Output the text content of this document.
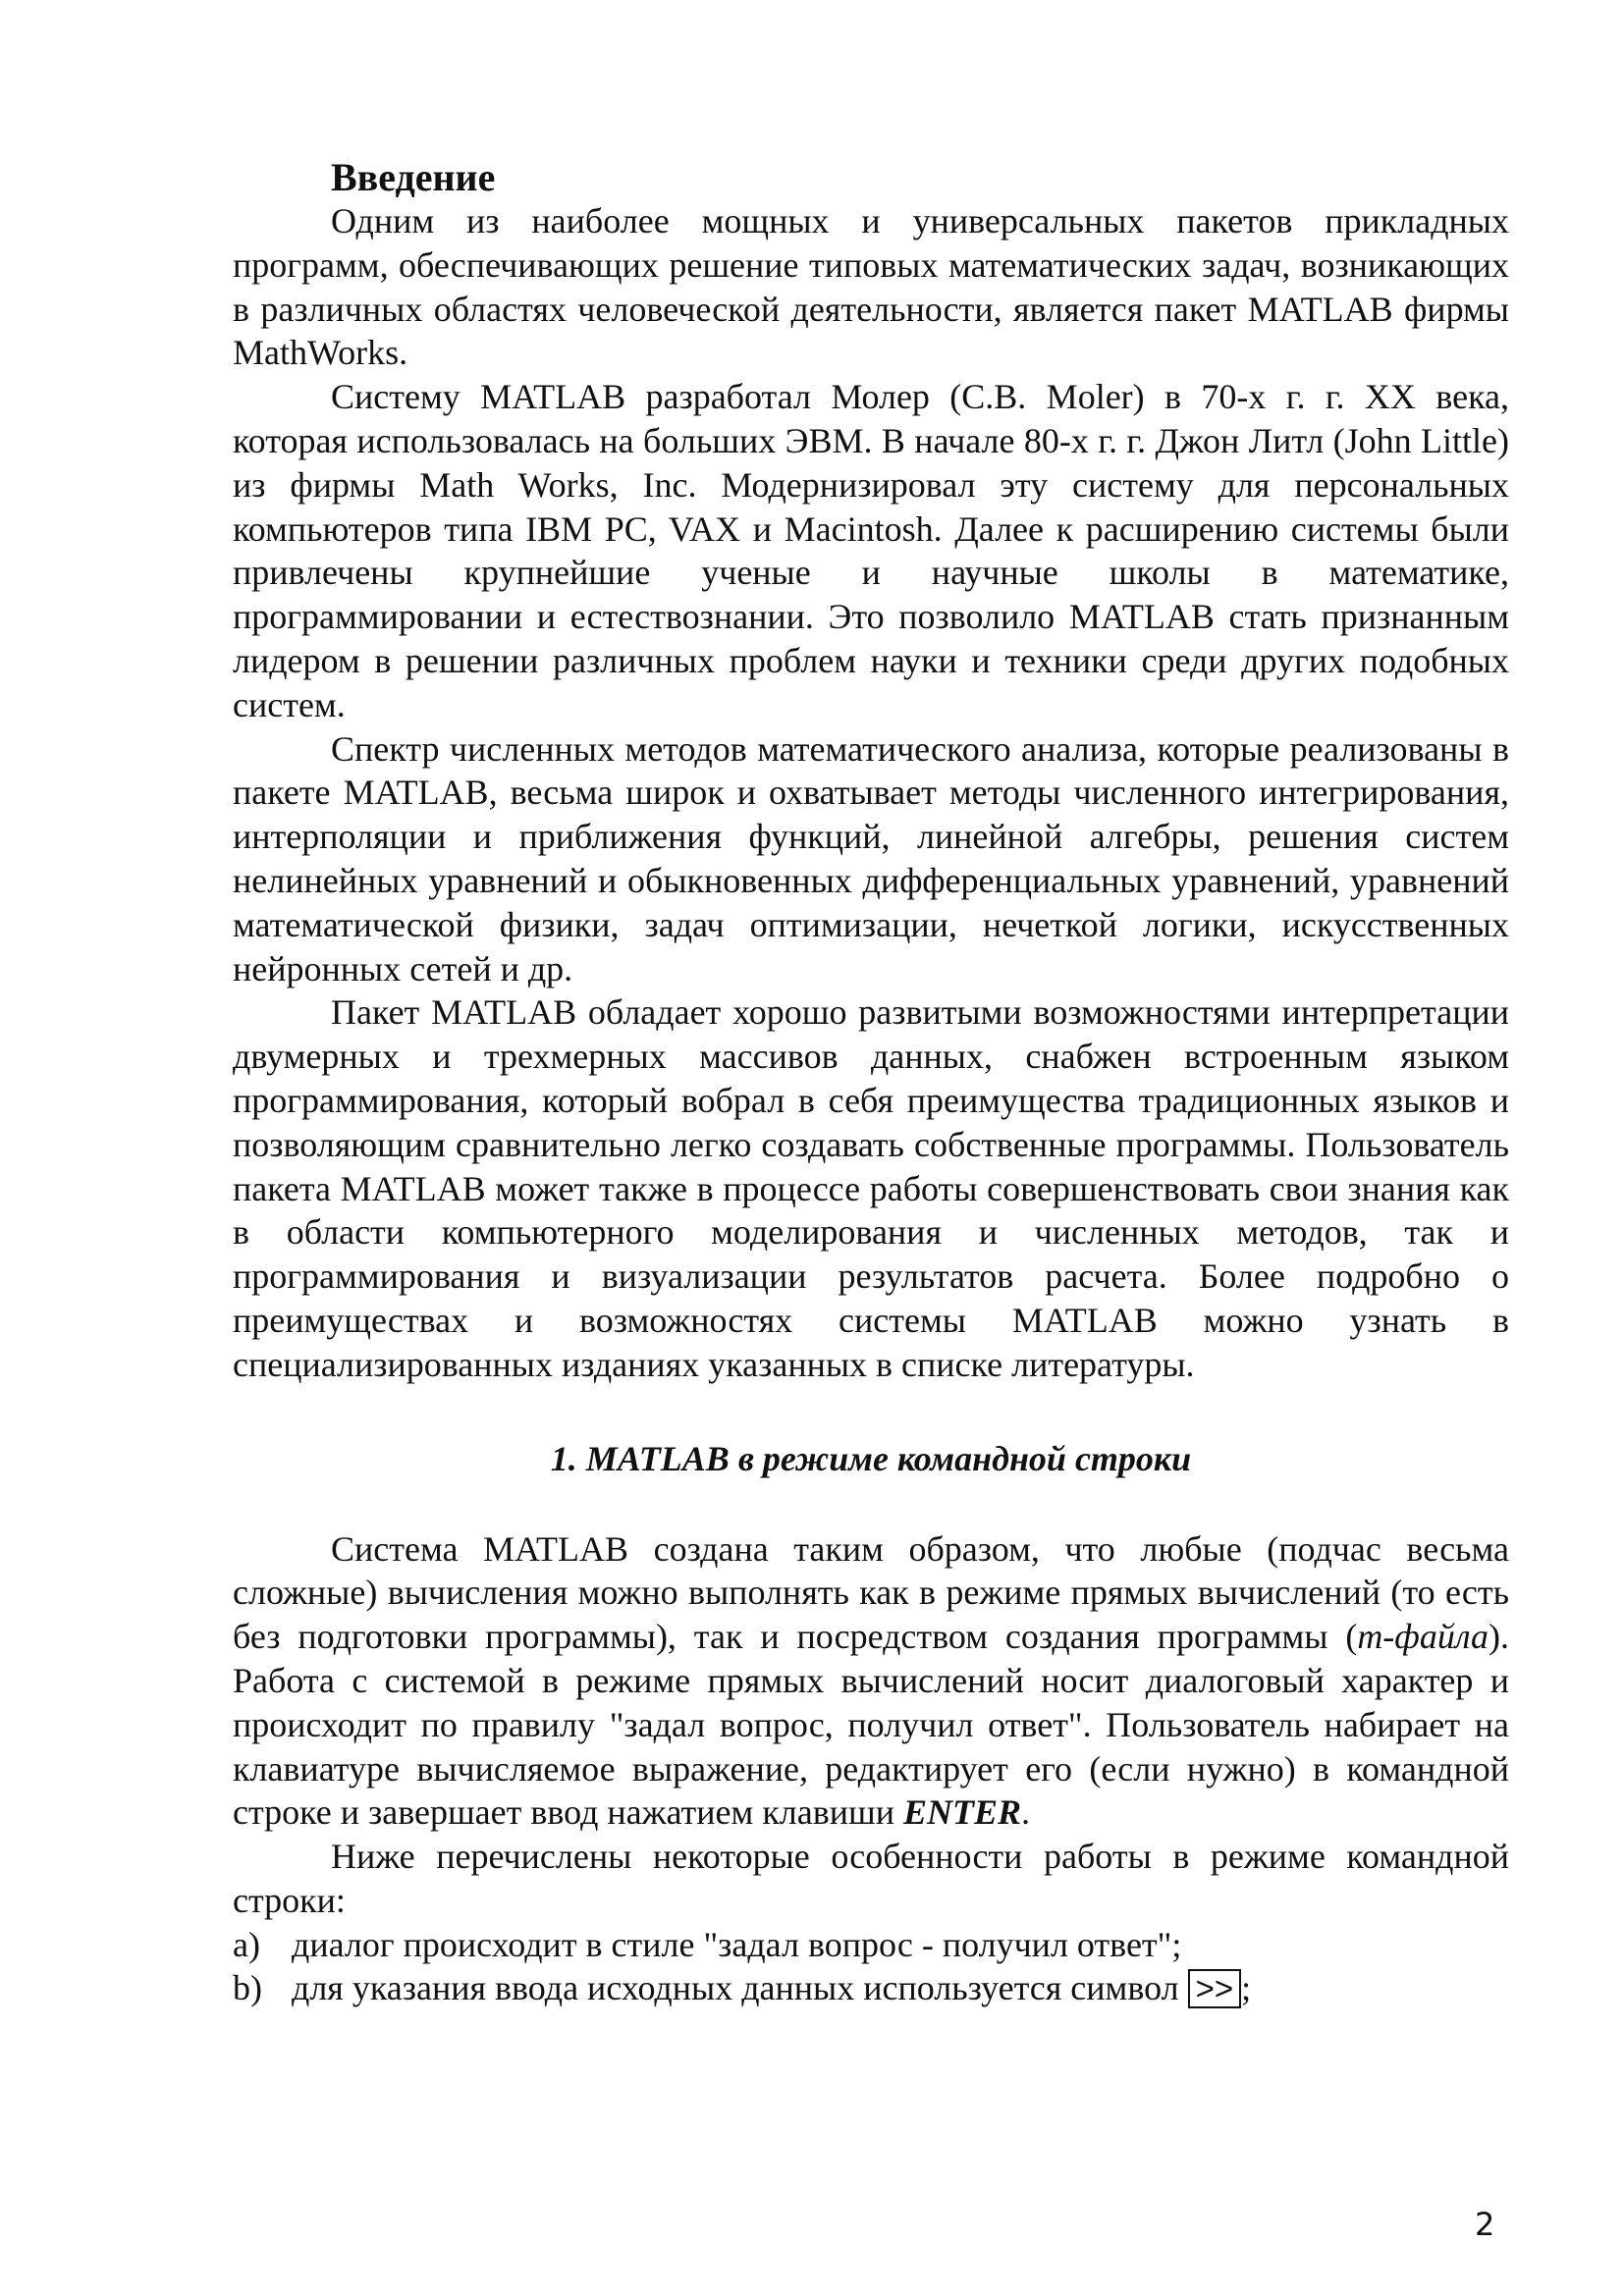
Введение

Одним из наиболее мощных и универсальных пакетов прикладных программ, обеспечивающих решение типовых математических задач, возникающих в различных областях человеческой деятельности, является пакет MATLAB фирмы MathWorks.

Систему MATLAB разработал Молер (C.B. Moler) в 70-х г. г. XX века, которая использовалась на больших ЭВМ. В начале 80-х г. г. Джон Литл (John Little) из фирмы Math Works, Inc. Модернизировал эту систему для персональных компьютеров типа IBM PC, VAX и Macintosh. Далее к расширению системы были привлечены крупнейшие ученые и научные школы в математике, программировании и естествознании. Это позволило MATLAB стать признанным лидером в решении различных проблем науки и техники среди других подобных систем.

Спектр численных методов математического анализа, которые реализованы в пакете MATLAB, весьма широк и охватывает методы численного интегрирования, интерполяции и приближения функций, линейной алгебры, решения систем нелинейных уравнений и обыкновенных дифференциальных уравнений, уравнений математической физики, задач оптимизации, нечеткой логики, искусственных нейронных сетей и др.

Пакет MATLAB обладает хорошо развитыми возможностями интерпретации двумерных и трехмерных массивов данных, снабжен встроенным языком программирования, который вобрал в себя преимущества традиционных языков и позволяющим сравнительно легко создавать собственные программы. Пользователь пакета MATLAB может также в процессе работы совершенствовать свои знания как в области компьютерного моделирования и численных методов, так и программирования и визуализации результатов расчета. Более подробно о преимуществах и возможностях системы MATLAB можно узнать в специализированных изданиях указанных в списке литературы.

1. MATLAB в режиме командной строки

Система MATLAB создана таким образом, что любые (подчас весьма сложные) вычисления можно выполнять как в режиме прямых вычислений (то есть без подготовки программы), так и посредством создания программы (m-файла). Работа с системой в режиме прямых вычислений носит диалоговый характер и происходит по правилу "задал вопрос, получил ответ". Пользователь набирает на клавиатуре вычисляемое выражение, редактирует его (если нужно) в командной строке и завершает ввод нажатием клавиши ENTER.

Ниже перечислены некоторые особенности работы в режиме командной строки:

a) диалог происходит в стиле "задал вопрос - получил ответ";
b) для указания ввода исходных данных используется символ >> ;
2
